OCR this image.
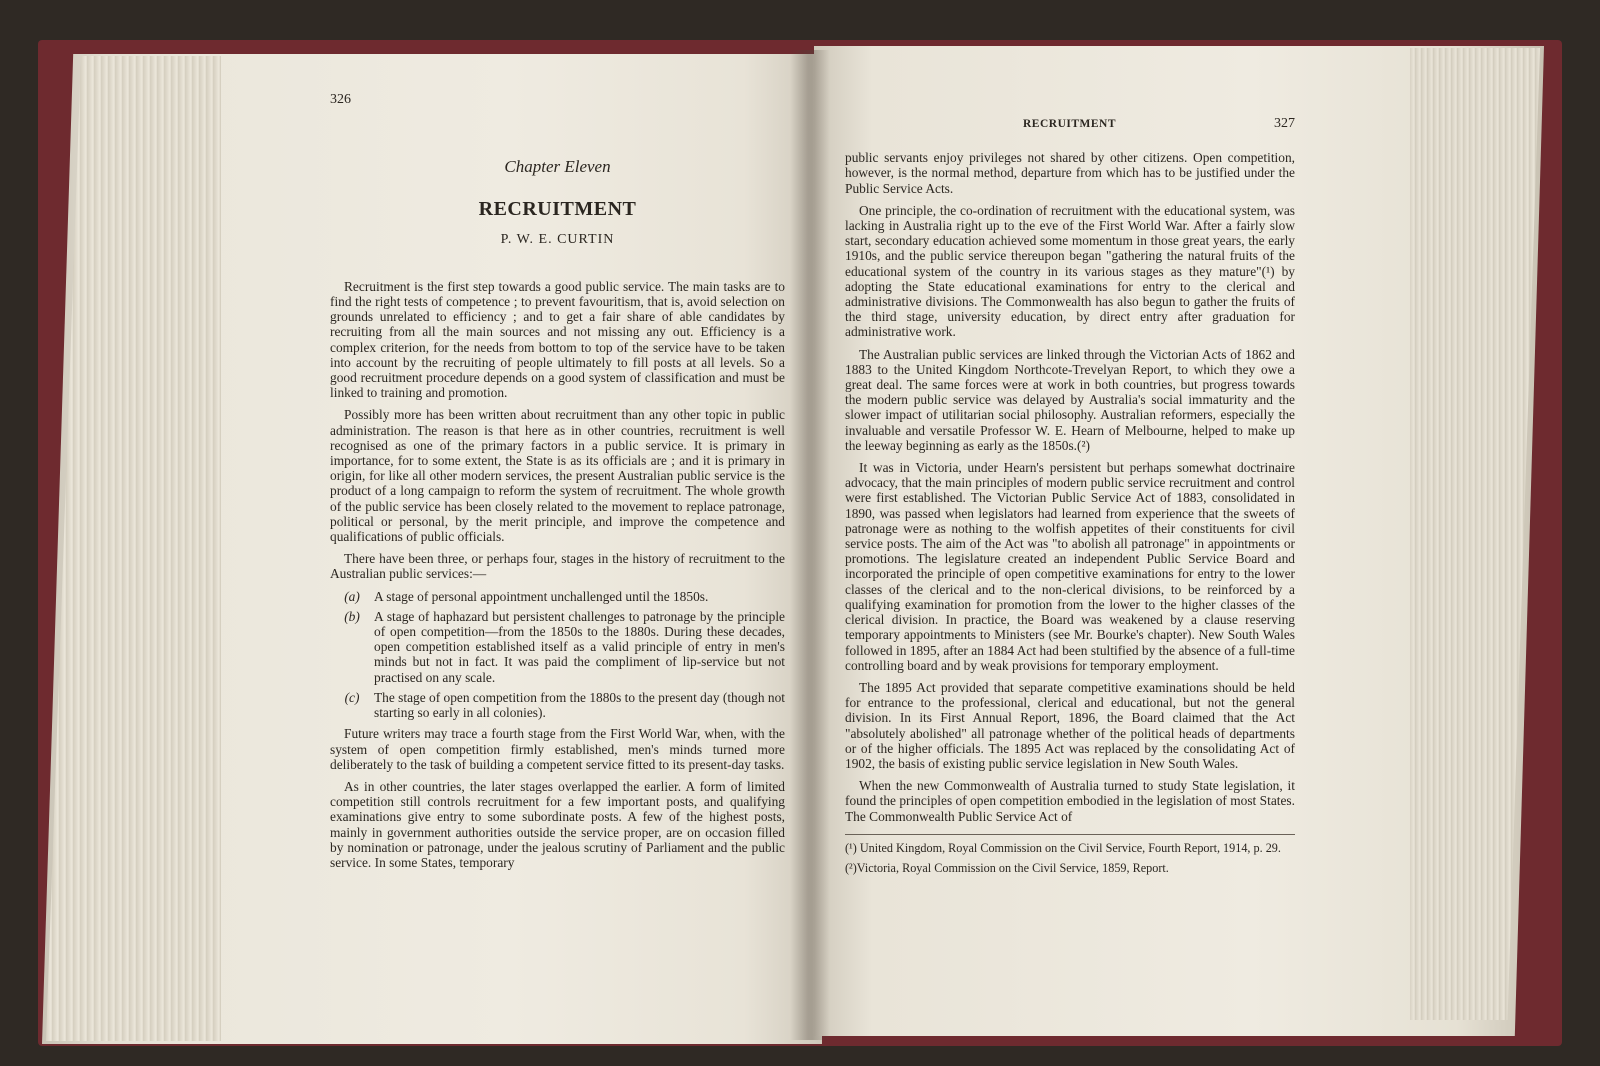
326

Chapter Eleven
RECRUITMENT
P. W. E. CURTIN

Recruitment is the first step towards a good public service. The main tasks are to find the right tests of competence ; to prevent favouritism, that is, avoid selection on grounds unrelated to efficiency ; and to get a fair share of able candidates by recruiting from all the main sources and not missing any out. Efficiency is a complex criterion, for the needs from bottom to top of the service have to be taken into account by the recruiting of people ultimately to fill posts at all levels. So a good recruitment procedure depends on a good system of classification and must be linked to training and promotion.

Possibly more has been written about recruitment than any other topic in public administration. The reason is that here as in other countries, recruitment is well recognised as one of the primary factors in a public service. It is primary in importance, for to some extent, the State is as its officials are ; and it is primary in origin, for like all other modern services, the present Australian public service is the product of a long campaign to reform the system of recruitment. The whole growth of the public service has been closely related to the movement to replace patronage, political or personal, by the merit principle, and improve the competence and qualifications of public officials.

There have been three, or perhaps four, stages in the history of recruitment to the Australian public services:—

(a)	A stage of personal appointment unchallenged until the 1850s.
(b)	A stage of haphazard but persistent challenges to patronage by the principle of open competition—from the 1850s to the 1880s. During these decades, open competition established itself as a valid principle of entry in men's minds but not in fact. It was paid the compliment of lip-service but not practised on any scale.
(c)	The stage of open competition from the 1880s to the present day (though not starting so early in all colonies).

Future writers may trace a fourth stage from the First World War, when, with the system of open competition firmly established, men's minds turned more deliberately to the task of building a competent service fitted to its present-day tasks.

As in other countries, the later stages overlapped the earlier. A form of limited competition still controls recruitment for a few important posts, and qualifying examinations give entry to some subordinate posts. A few of the highest posts, mainly in government authorities outside the service proper, are on occasion filled by nomination or patronage, under the jealous scrutiny of Parliament and the public service. In some States, temporary

RECRUITMENT	327

public servants enjoy privileges not shared by other citizens. Open competition, however, is the normal method, departure from which has to be justified under the Public Service Acts.

One principle, the co-ordination of recruitment with the educational system, was lacking in Australia right up to the eve of the First World War. After a fairly slow start, secondary education achieved some momentum in those great years, the early 1910s, and the public service thereupon began "gathering the natural fruits of the educational system of the country in its various stages as they mature"(¹) by adopting the State educational examinations for entry to the clerical and administrative divisions. The Commonwealth has also begun to gather the fruits of the third stage, university education, by direct entry after graduation for administrative work.

The Australian public services are linked through the Victorian Acts of 1862 and 1883 to the United Kingdom Northcote-Trevelyan Report, to which they owe a great deal. The same forces were at work in both countries, but progress towards the modern public service was delayed by Australia's social immaturity and the slower impact of utilitarian social philosophy. Australian reformers, especially the invaluable and versatile Professor W. E. Hearn of Melbourne, helped to make up the leeway beginning as early as the 1850s.(²)

It was in Victoria, under Hearn's persistent but perhaps somewhat doctrinaire advocacy, that the main principles of modern public service recruitment and control were first established. The Victorian Public Service Act of 1883, consolidated in 1890, was passed when legislators had learned from experience that the sweets of patronage were as nothing to the wolfish appetites of their constituents for civil service posts. The aim of the Act was "to abolish all patronage" in appointments or promotions. The legislature created an independent Public Service Board and incorporated the principle of open competitive examinations for entry to the lower classes of the clerical and to the non-clerical divisions, to be reinforced by a qualifying examination for promotion from the lower to the higher classes of the clerical division. In practice, the Board was weakened by a clause reserving temporary appointments to Ministers (see Mr. Bourke's chapter). New South Wales followed in 1895, after an 1884 Act had been stultified by the absence of a full-time controlling board and by weak provisions for temporary employment.

The 1895 Act provided that separate competitive examinations should be held for entrance to the professional, clerical and educational, but not the general division. In its First Annual Report, 1896, the Board claimed that the Act "absolutely abolished" all patronage whether of the political heads of departments or of the higher officials. The 1895 Act was replaced by the consolidating Act of 1902, the basis of existing public service legislation in New South Wales.

When the new Commonwealth of Australia turned to study State legislation, it found the principles of open competition embodied in the legislation of most States. The Commonwealth Public Service Act of

(¹) United Kingdom, Royal Commission on the Civil Service, Fourth Report, 1914, p. 29.

(²)Victoria, Royal Commission on the Civil Service, 1859, Report.
